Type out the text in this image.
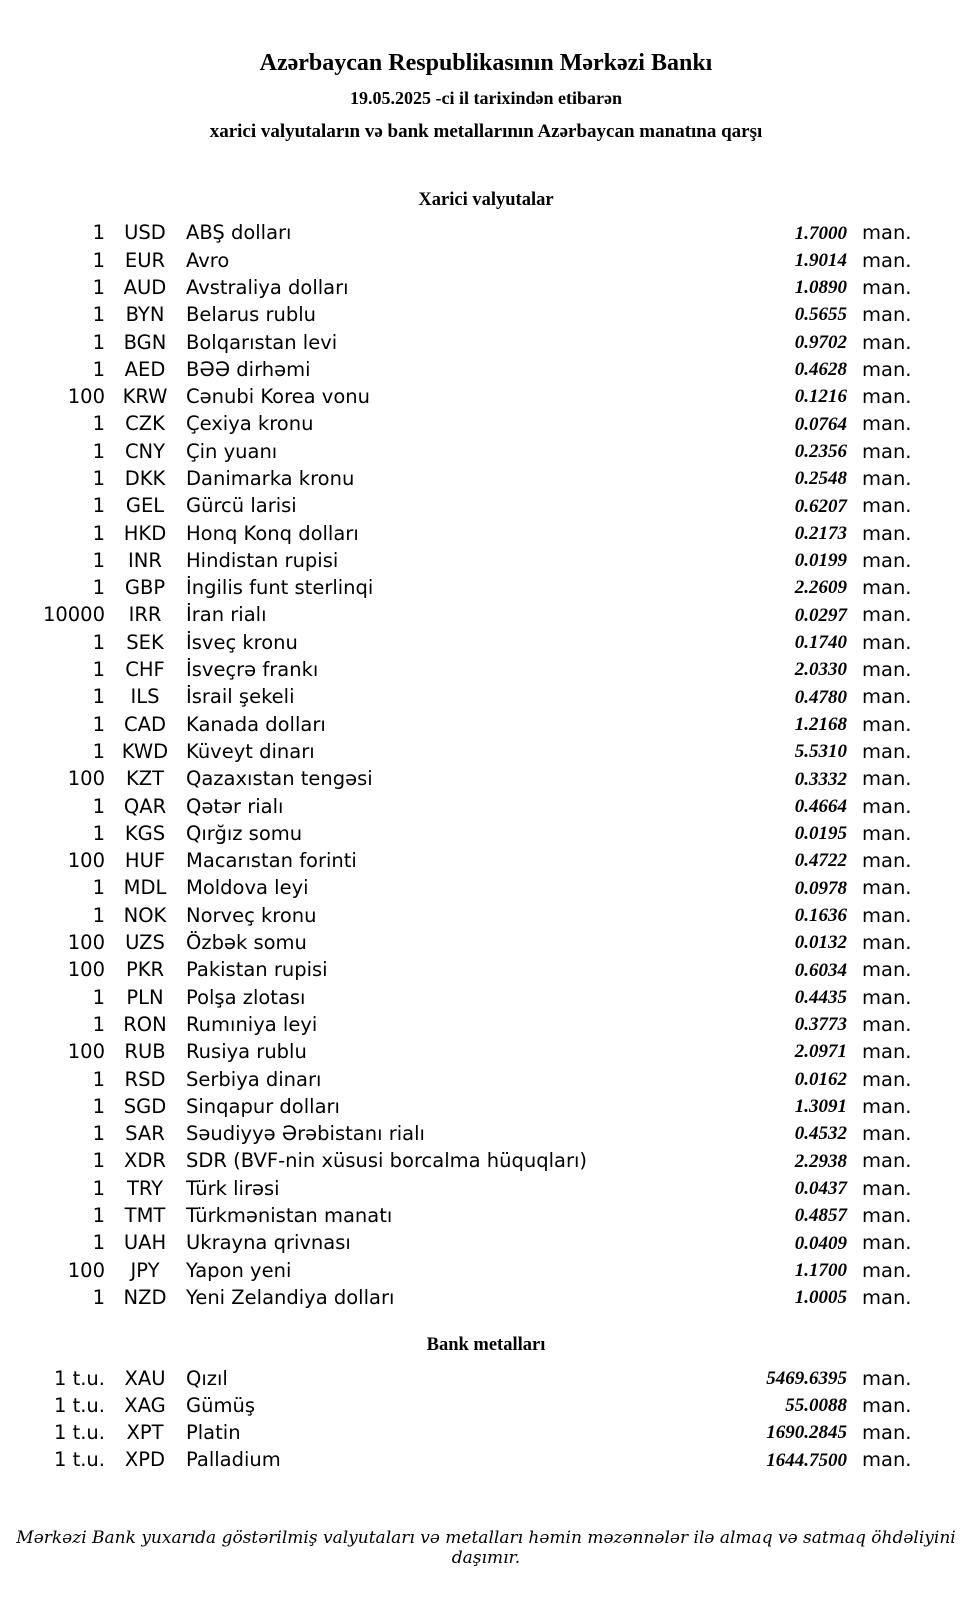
Azərbaycan Respublikasının Mərkəzi Bankı
19.05.2025 -ci il tarixindən etibarən
xarici valyutaların və bank metallarının Azərbaycan manatına qarşı
Xarici valyutalar
1 USD	ABŞ dolları	1.7000 man.
1	EUR	Avro	1.9014 man.
1 AUD	Avstraliya dolları	1.0890 man.
1	BYN	Belarus rublu	0.5655 man.
1 BGN	Bolqarıstan levi	0.9702 man.
1	AED	BƏƏ dirhəmi	0.4628 man.
100 KRW Cənubi Korea vonu	0.1216 man.
1	CZK	Çexiya kronu	0.0764 man.
1	CNY	Çin yuanı	0.2356 man.
1	DKK	Danimarka kronu	0.2548 man.
1	GEL	Gürcü larisi	0.6207 man.
1 HKD	Honq Konq dolları	0.2173 man.
1	INR	Hindistan rupisi	0.0199 man.
1	GBP	İngilis funt sterlinqi	2.2609 man.
10000	IRR	İran rialı	0.0297 man.
1	SEK	İsveç kronu	0.1740 man.
1	CHF	İsveçrə frankı	2.0330 man.
1	ILS	İsrail şekeli	0.4780 man.
1 CAD	Kanada dolları	1.2168 man.
1 KWD Küveyt dinarı	5.5310 man.
100	KZT	Qazaxıstan tengəsi	0.3332 man.
1 QAR	Qətər rialı	0.4664 man.
1	KGS	Qırğız somu	0.0195 man.
100	HUF	Macarıstan forinti	0.4722 man.
1 MDL	Moldova leyi	0.0978 man.
1 NOK	Norveç kronu	0.1636 man.
100	UZS	Özbək somu	0.0132 man.
100	PKR	Pakistan rupisi	0.6034 man.
1	PLN	Polşa zlotası	0.4435 man.
1 RON Rumıniya leyi	0.3773 man.
100 RUB	Rusiya rublu	2.0971 man.
1	RSD	Serbiya dinarı	0.0162 man.
1 SGD	Sinqapur dolları	1.3091 man.
1	SAR	Səudiyyə Ərəbistanı rialı	0.4532 man.
1 XDR	SDR (BVF-nin xüsusi borcalma hüquqları)	2.2938 man.
1	TRY	Türk lirəsi	0.0437 man.
1	TMT	Türkmənistan manatı	0.4857 man.
1 UAH	Ukrayna qrivnası	0.0409 man.
100	JPY	Yapon yeni	1.1700 man.
1 NZD	Yeni Zelandiya dolları	1.0005 man.
Bank metalları
1 t.u.	XAU	Qızıl	5469.6395 man.
1 t.u. XAG	Gümüş	55.0088 man.
1 t.u.	XPT	Platin	1690.2845 man.
1 t.u.	XPD	Palladium	1644.7500 man.
Mərkəzi Bank yuxarıda göstərilmiş valyutaları və metalları həmin məzənnələr ilə almaq və satmaq öhdəliyini daşımır.
